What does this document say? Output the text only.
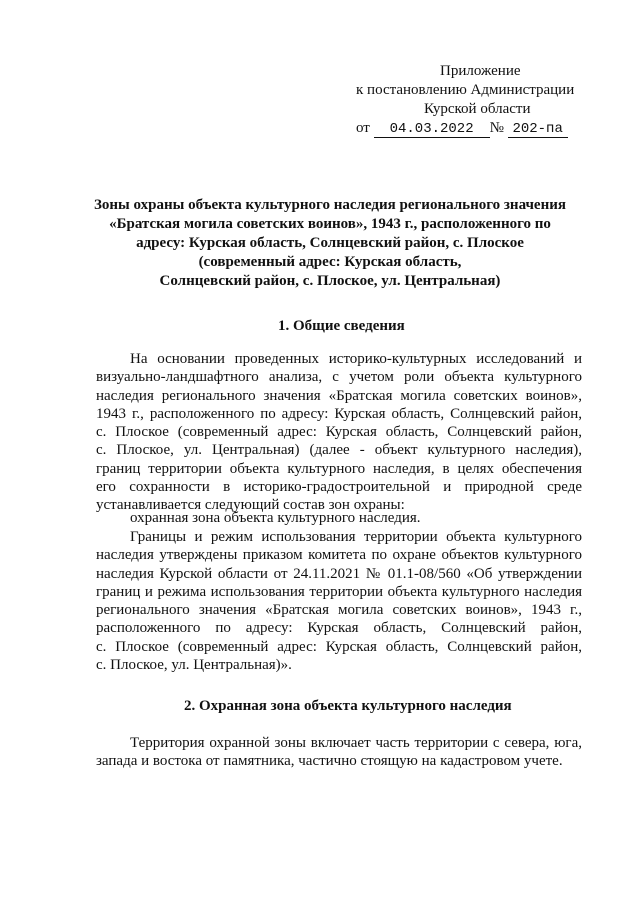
Приложение
к постановлению Администрации
Курской области
от 04.03.2022 № 202-па
Зоны охраны объекта культурного наследия регионального значения
«Братская могила советских воинов», 1943 г., расположенного по
адресу: Курская область, Солнцевский район, с. Плоское
(современный адрес: Курская область,
Солнцевский район, с. Плоское, ул. Центральная)
1. Общие сведения
На основании проведенных историко-культурных исследований и
визуально-ландшафтного анализа, с учетом роли объекта культурного
наследия регионального значения «Братская могила советских воинов»,
1943 г., расположенного по адресу: Курская область, Солнцевский район,
с. Плоское (современный адрес: Курская область, Солнцевский район,
с. Плоское, ул. Центральная) (далее - объект культурного наследия),
границ территории объекта культурного наследия, в целях обеспечения
его сохранности в историко-градостроительной и природной среде
устанавливается следующий состав зон охраны:
охранная зона объекта культурного наследия.
Границы и режим использования территории объекта культурного
наследия утверждены приказом комитета по охране объектов культурного
наследия Курской области от 24.11.2021 № 01.1-08/560 «Об утверждении
границ и режима использования территории объекта культурного наследия
регионального значения «Братская могила советских воинов», 1943 г.,
расположенного по адресу: Курская область, Солнцевский район,
с. Плоское (современный адрес: Курская область, Солнцевский район,
с. Плоское, ул. Центральная)».
2. Охранная зона объекта культурного наследия
Территория охранной зоны включает часть территории с севера, юга,
запада и востока от памятника, частично стоящую на кадастровом учете.
